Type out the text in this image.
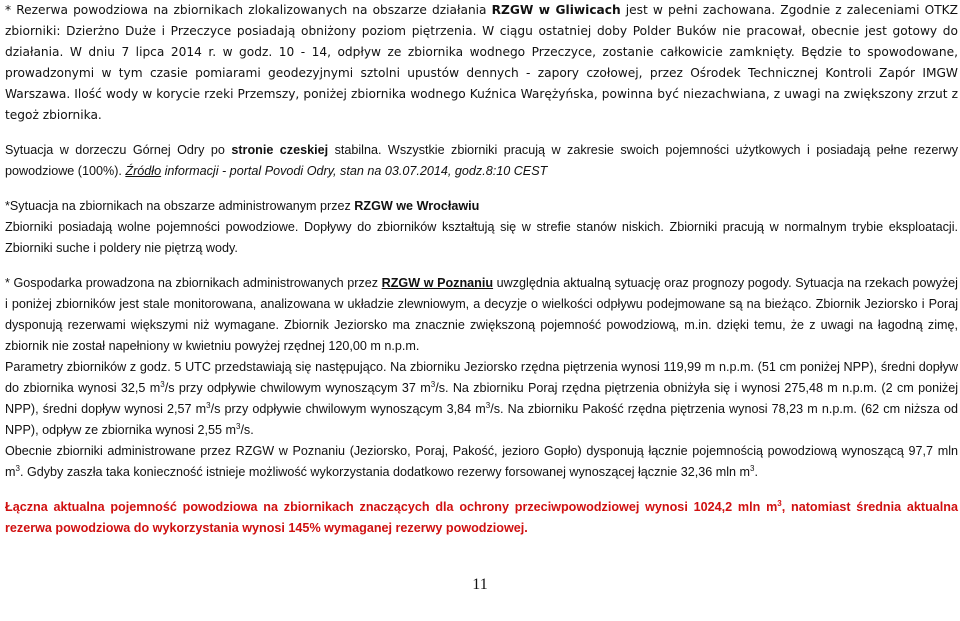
* Rezerwa powodziowa na zbiornikach zlokalizowanych na obszarze działania RZGW w Gliwicach jest w pełni zachowana. Zgodnie z zaleceniami OTKZ zbiorniki: Dzierżno Duże i Przeczyce posiadają obniżony poziom piętrzenia. W ciągu ostatniej doby Polder Buków nie pracował, obecnie jest gotowy do działania. W dniu 7 lipca 2014 r. w godz. 10 - 14, odpływ ze zbiornika wodnego Przeczyce, zostanie całkowicie zamknięty. Będzie to spowodowane, prowadzonymi w tym czasie pomiarami geodezyjnymi sztolni upustów dennych - zapory czołowej, przez Ośrodek Technicznej Kontroli Zapór IMGW Warszawa. Ilość wody w korycie rzeki Przemszy, poniżej zbiornika wodnego Kuźnica Warężyńska, powinna być niezachwiana, z uwagi na zwiększony zrzut z tegoż zbiornika.

Sytuacja w dorzeczu Górnej Odry po stronie czeskiej stabilna. Wszystkie zbiorniki pracują w zakresie swoich pojemności użytkowych i posiadają pełne rezerwy powodziowe (100%). Źródło informacji - portal Povodi Odry, stan na 03.07.2014, godz.8:10 CEST

*Sytuacja na zbiornikach na obszarze administrowanym przez RZGW we Wrocławiu

Zbiorniki posiadają wolne pojemności powodziowe. Dopływy do zbiorników kształtują się w strefie stanów niskich. Zbiorniki pracują w normalnym trybie eksploatacji. Zbiorniki suche i poldery nie piętrzą wody.

* Gospodarka prowadzona na zbiornikach administrowanych przez RZGW w Poznaniu uwzględnia aktualną sytuację oraz prognozy pogody. Sytuacja na rzekach powyżej i poniżej zbiorników jest stale monitorowana, analizowana w układzie zlewniowym, a decyzje o wielkości odpływu podejmowane są na bieżąco. Zbiornik Jeziorsko i Poraj dysponują rezerwami większymi niż wymagane. Zbiornik Jeziorsko ma znacznie zwiększoną pojemność powodziową, m.in. dzięki temu, że z uwagi na łagodną zimę, zbiornik nie został napełniony w kwietniu powyżej rzędnej 120,00 m n.p.m.

Parametry zbiorników z godz. 5 UTC przedstawiają się następująco. Na zbiorniku Jeziorsko rzędna piętrzenia wynosi 119,99 m n.p.m. (51 cm poniżej NPP), średni dopływ do zbiornika wynosi 32,5 $m^3/s$ przy odpływie chwilowym wynoszącym 37 $m^3/s$. Na zbiorniku Poraj rzędna piętrzenia obniżyła się i wynosi 275,48 m n.p.m. (2 cm poniżej NPP), średni dopływ wynosi 2,57 $m^3/s$ przy odpływie chwilowym wynoszącym 3,84 $m^3/s$. Na zbiorniku Pakość rzędna piętrzenia wynosi 78,23 m n.p.m. (62 cm niższa od NPP), odpływ ze zbiornika wynosi 2,55 $m^3/s$.

Obecnie zbiorniki administrowane przez RZGW w Poznaniu (Jeziorsko, Poraj, Pakość, jezioro Gopło) dysponują łącznie pojemnością powodziową wynoszącą 97,7 mln $m^3$. Gdyby zaszła taka konieczność istnieje możliwość wykorzystania dodatkowo rezerwy forsowanej wynoszącej łącznie 32,36 mln $m^3$.

Łączna aktualna pojemność powodziowa na zbiornikach znaczących dla ochrony przeciwpowodziowej wynosi 1024,2 mln $m^3$, natomiast średnia aktualna rezerwa powodziowa do wykorzystania wynosi 145% wymaganej rezerwy powodziowej.

11
